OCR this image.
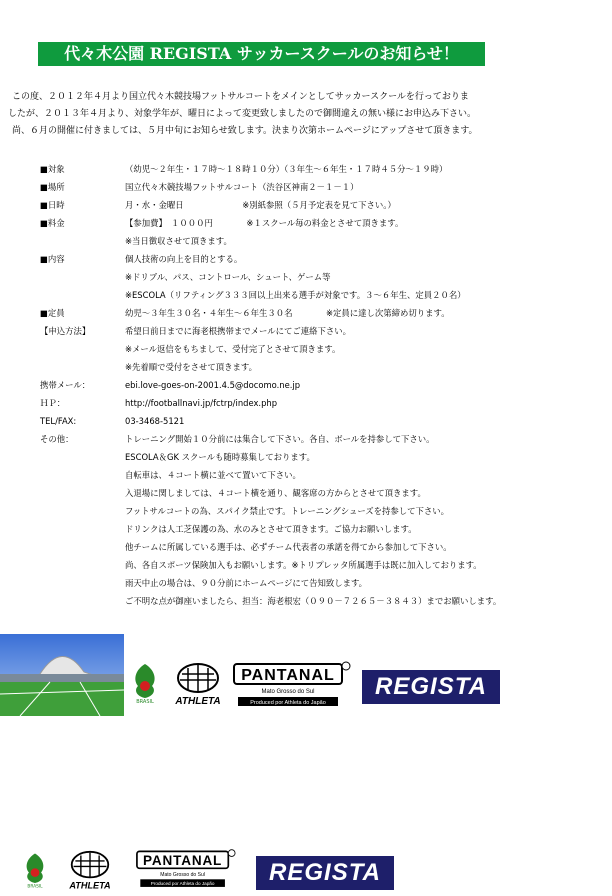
代々木公園 REGISTA サッカースクールのお知らせ！

この度、２０１２年４月より国立代々木競技場フットサルコートをメインとしてサッカースクールを行っておりま

したが、２０１３年４月より、対象学年が、曜日によって変更致しましたので御間違えの無い様にお申込み下さい。

尚、６月の開催に付きましては、５月中旬にお知らせ致します。決まり次第ホームページにアップさせて頂きます。

■対象	（幼児～２年生・１７時～１８時１０分）（３年生～６年生・１７時４５分～１９時）
■場所	国立代々木競技場フットサルコート（渋谷区神南２－１－１）
■日時	月・水・金曜日　　　　　　　※別紙参照（５月予定表を見て下さい。）
■料金	【参加費】　１０００円　　　　※１スクール毎の料金とさせて頂きます。
※当日徴収させて頂きます。
■内容	個人技術の向上を目的とする。
※ドリブル、パス、コントロール、シュート、ゲーム等
※ESCOLA（リフティング３３３回以上出来る選手が対象です。３～６年生、定員２０名）
■定員	幼児～３年生３０名・４年生～６年生３０名　　　　※定員に達し次第締め切ります。
【申込方法】	希望日前日までに海老根携帯までメールにてご連絡下さい。
※メール返信をもちまして、受付完了とさせて頂きます。
※先着順で受付をさせて頂きます。
携帯メール：	ebi.love-goes-on-2001.4.5@docomo.ne.jp
ＨＰ：	http://footballnavi.jp/fctrp/index.php
TEL/FAX:	03-3468-5121
その他：	トレーニング開始１０分前には集合して下さい。各自、ボールを持参して下さい。
ESCOLA＆GK スクールも随時募集しております。
自転車は、４コート横に並べて置いて下さい。
入退場に関しましては、４コート横を通り、観客席の方からとさせて頂きます。
フットサルコートの為、スパイク禁止です。トレーニングシューズを持参して下さい。
ドリンクは人工芝保護の為、水のみとさせて頂きます。ご協力お願いします。
他チームに所属している選手は、必ずチーム代表者の承諾を得てから参加して下さい。
尚、各自スポーツ保険加入もお願いします。※トリプレッタ所属選手は既に加入しております。
雨天中止の場合は、９０分前にホームページにて告知致します。
ご不明な点が御座いましたら、担当：海老根宏（０９０－７２６５－３８４３）までお願いします。
BRASIL ATHLETA
PANTANAL
Mato Grosso do Sul
Produced por Athleta do Japão
REGISTA
BRASIL	ATHLETA
PANTANAL
Mato Grosso do Sul
Produced por Athleta do Japão	REGISTA
